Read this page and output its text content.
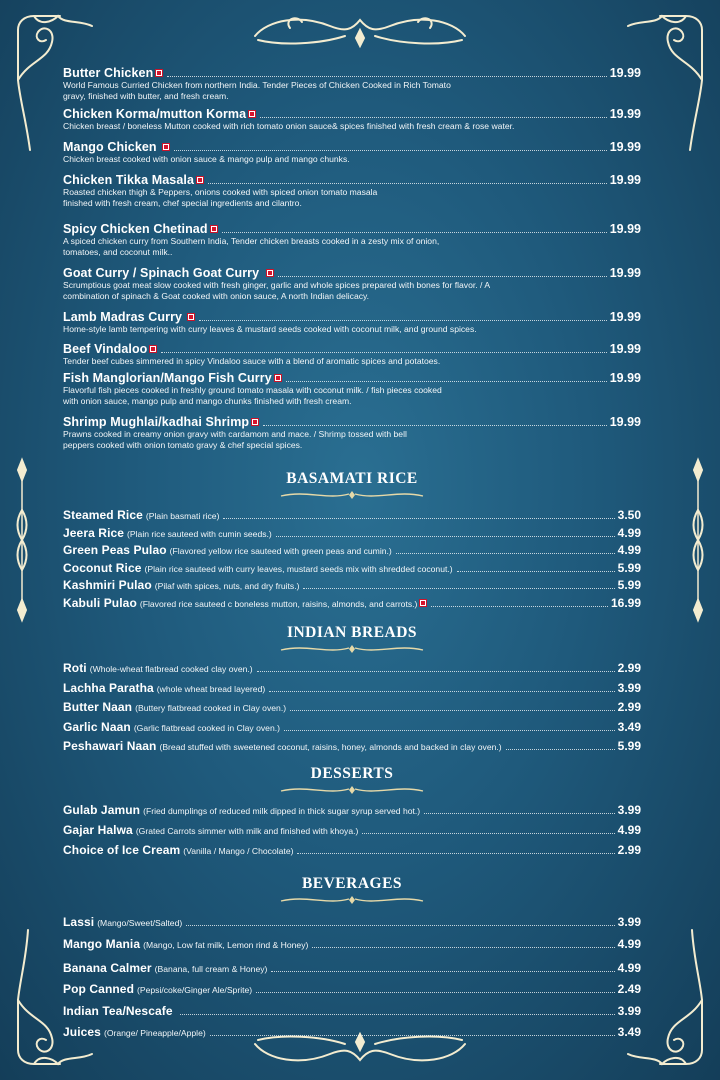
Butter Chicken	19.99
World Famous Curried Chicken from northern India. Tender Pieces of Chicken Cooked in Rich Tomato gravy, finished with butter, and fresh cream.
Chicken Korma/mutton Korma	19.99
Chicken breast / boneless Mutton cooked with rich tomato onion sauce& spices finished with fresh cream & rose water.
Mango Chicken	19.99
Chicken breast cooked with onion sauce & mango pulp and mango chunks.
Chicken Tikka Masala	19.99
Roasted chicken thigh & Peppers, onions cooked with spiced onion tomato masala finished with fresh cream, chef special ingredients and cilantro.
Spicy Chicken Chetinad	19.99
A spiced chicken curry from Southern India, Tender chicken breasts cooked in a zesty mix of onion, tomatoes, and coconut milk..
Goat Curry / Spinach Goat Curry	19.99
Scrumptious goat meat slow cooked with fresh ginger, garlic and whole spices prepared with bones for flavor. / A combination of spinach & Goat cooked with onion sauce, A north Indian delicacy.
Lamb Madras Curry	19.99
Home-style lamb tempering with curry leaves & mustard seeds cooked with coconut milk, and ground spices.
Beef Vindaloo	19.99
Tender beef cubes simmered in spicy Vindaloo sauce with a blend of aromatic spices and potatoes.
Fish Manglorian/Mango Fish Curry	19.99
Flavorful fish pieces cooked in freshly ground tomato masala with coconut milk. / fish pieces cooked with onion sauce, mango pulp and mango chunks finished with fresh cream.
Shrimp Mughlai/kadhai Shrimp	19.99
Prawns cooked in creamy onion gravy with cardamom and mace. / Shrimp tossed with bell peppers cooked with onion tomato gravy & chef special spices.
BASAMATI RICE
Steamed Rice (Plain basmati rice)	3.50
Jeera Rice (Plain rice sauteed with cumin seeds.)	4.99
Green Peas Pulao (Flavored yellow rice sauteed with green peas and cumin.)	4.99
Coconut Rice (Plain rice sauteed with curry leaves, mustard seeds mix with shredded coconut.)	5.99
Kashmiri Pulao (Pilaf with spices, nuts, and dry fruits.)	5.99
Kabuli Pulao (Flavored rice sauteed c boneless mutton, raisins, almonds, and carrots.)	16.99
INDIAN BREADS
Roti (Whole-wheat flatbread cooked clay oven.)	2.99
Lachha Paratha (whole wheat bread layered)	3.99
Butter Naan (Buttery flatbread cooked in Clay oven.)	2.99
Garlic Naan (Garlic flatbread cooked in Clay oven.)	3.49
Peshawari Naan (Bread stuffed with sweetened coconut, raisins, honey, almonds and backed in clay oven.)	5.99
DESSERTS
Gulab Jamun (Fried dumplings of reduced milk dipped in thick sugar syrup served hot.)	3.99
Gajar Halwa (Grated Carrots simmer with milk and finished with khoya.)	4.99
Choice of Ice Cream (Vanilla / Mango / Chocolate)	2.99
BEVERAGES
Lassi (Mango/Sweet/Salted)	3.99
Mango Mania (Mango, Low fat milk, Lemon rind & Honey)	4.99
Banana Calmer (Banana, full cream & Honey)	4.99
Pop Canned (Pepsi/coke/Ginger Ale/Sprite)	2.49
Indian Tea/Nescafe	3.99
Juices (Orange/ Pineapple/Apple)	3.49
